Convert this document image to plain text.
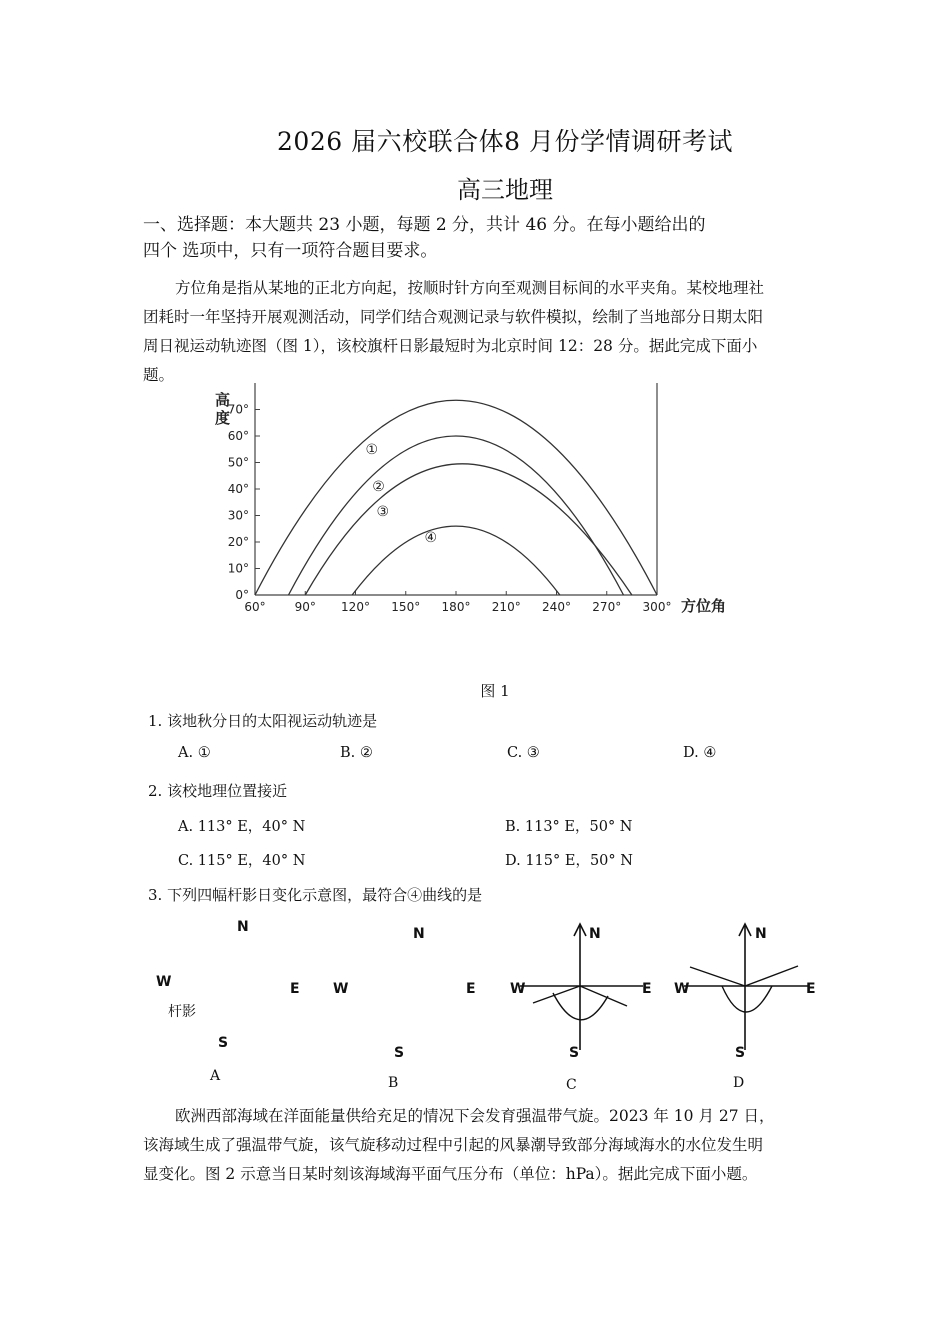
2026 届六校联合体8 月份学情调研考试
高三地理
一、选择题：本大题共 23 小题，每题 2 分，共计 46 分。在每小题给出的
四个 选项中，只有一项符合题目要求。
方位角是指从某地的正北方向起，按顺时针方向至观测目标间的水平夹角。某校地理社
团耗时一年坚持开展观测活动，同学们结合观测记录与软件模拟，绘制了当地部分日期太阳
周日视运动轨迹图（图 1），该校旗杆日影最短时为北京时间 12：28 分。据此完成下面小
题。
0°
10°
20°
30°
40°
50°
60°
70°
60° 90° 120° 150° 180° 210° 240° 270° 300°
高
度
方位角
①
②
③
④
图 1
1. 该地秋分日的太阳视运动轨迹是
A. ①	B. ②	C. ③	D. ④
2. 该校地理位置接近
A. 113° E，40° N	B. 113° E，50° N
C. 115° E，40° N	D. 115° E，50° N
3. 下列四幅杆影日变化示意图，最符合④曲线的是
N
W	E
杆影
S
A
N
W	E
S
B
N
W	E
S
C
N
W	E
S
D
欧洲西部海域在洋面能量供给充足的情况下会发育强温带气旋。2023 年 10 月 27 日，
该海域生成了强温带气旋，该气旋移动过程中引起的风暴潮导致部分海域海水的水位发生明
显变化。图 2 示意当日某时刻该海域海平面气压分布（单位：hPa）。据此完成下面小题。
